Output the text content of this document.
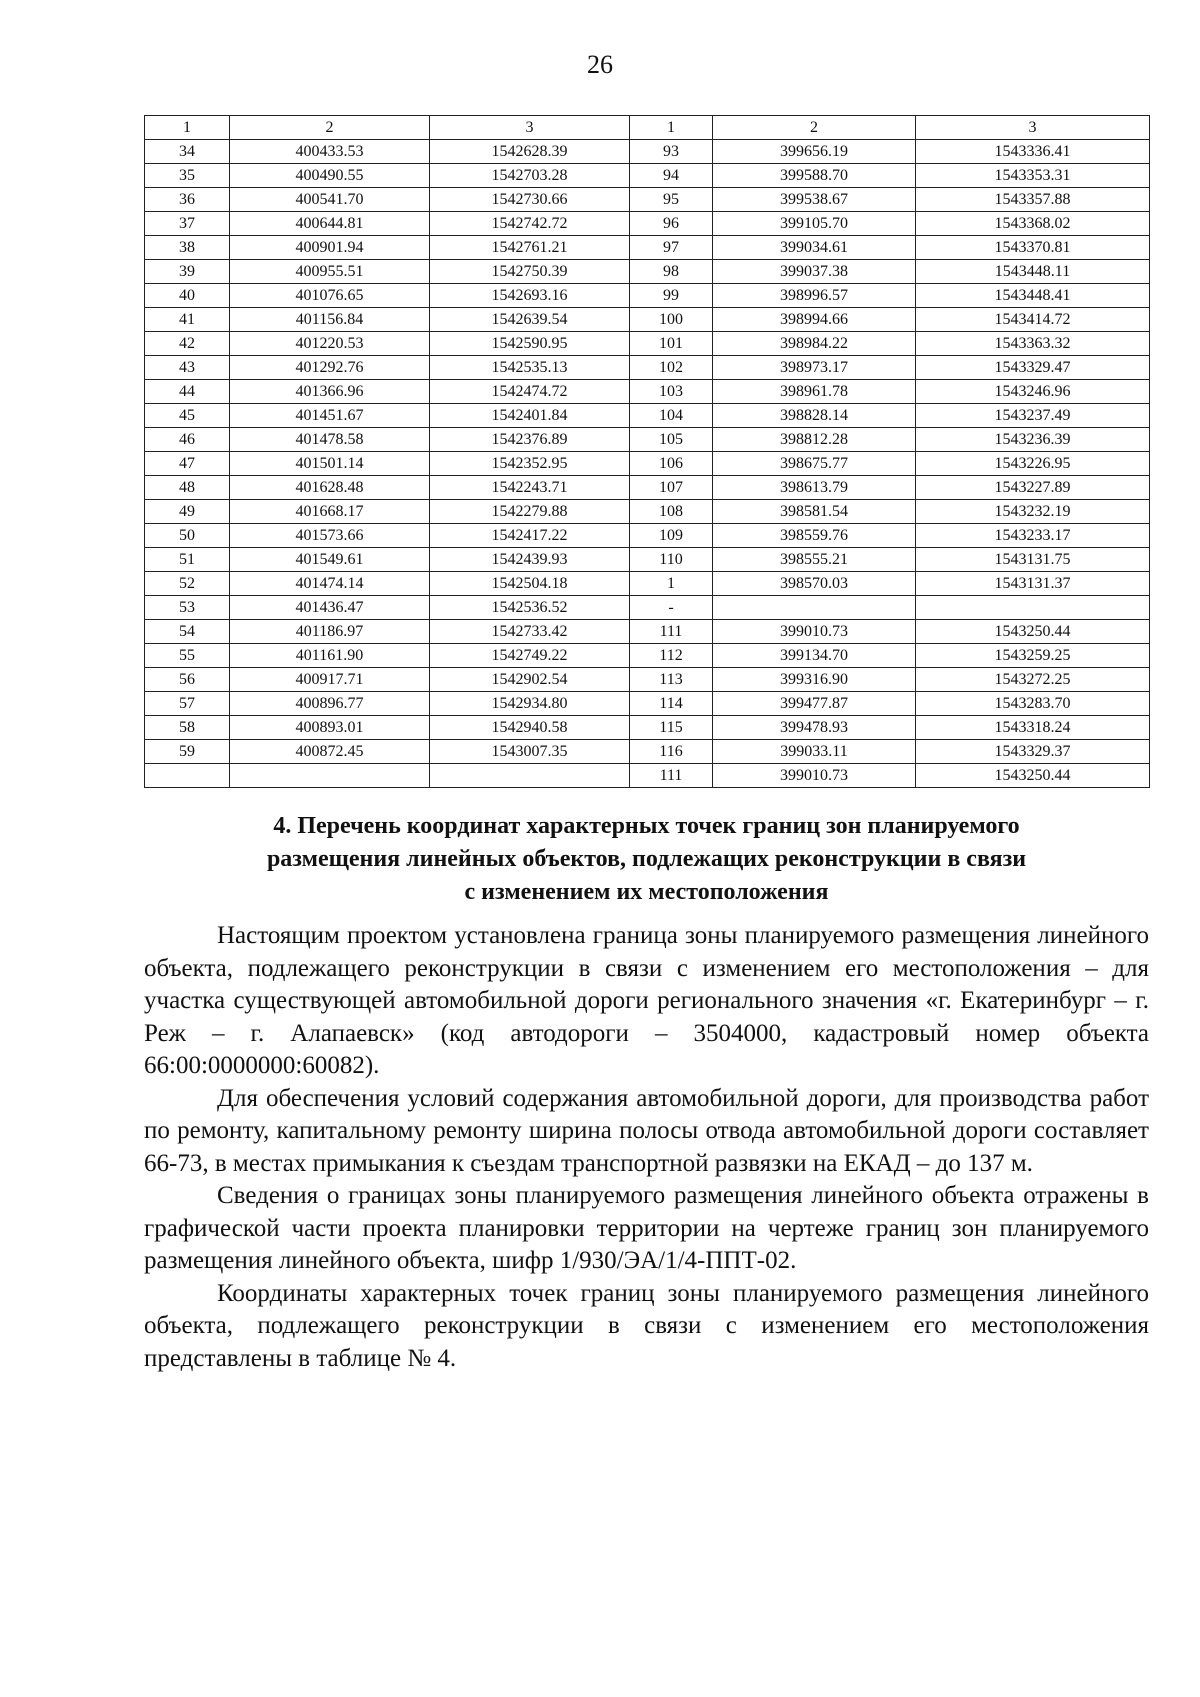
26
1	2	3	1	2	3
34	400433.53	1542628.39	93	399656.19	1543336.41
35	400490.55	1542703.28	94	399588.70	1543353.31
36	400541.70	1542730.66	95	399538.67	1543357.88
37	400644.81	1542742.72	96	399105.70	1543368.02
38	400901.94	1542761.21	97	399034.61	1543370.81
39	400955.51	1542750.39	98	399037.38	1543448.11
40	401076.65	1542693.16	99	398996.57	1543448.41
41	401156.84	1542639.54	100	398994.66	1543414.72
42	401220.53	1542590.95	101	398984.22	1543363.32
43	401292.76	1542535.13	102	398973.17	1543329.47
44	401366.96	1542474.72	103	398961.78	1543246.96
45	401451.67	1542401.84	104	398828.14	1543237.49
46	401478.58	1542376.89	105	398812.28	1543236.39
47	401501.14	1542352.95	106	398675.77	1543226.95
48	401628.48	1542243.71	107	398613.79	1543227.89
49	401668.17	1542279.88	108	398581.54	1543232.19
50	401573.66	1542417.22	109	398559.76	1543233.17
51	401549.61	1542439.93	110	398555.21	1543131.75
52	401474.14	1542504.18	1	398570.03	1543131.37
53	401436.47	1542536.52	-		
54	401186.97	1542733.42	111	399010.73	1543250.44
55	401161.90	1542749.22	112	399134.70	1543259.25
56	400917.71	1542902.54	113	399316.90	1543272.25
57	400896.77	1542934.80	114	399477.87	1543283.70
58	400893.01	1542940.58	115	399478.93	1543318.24
59	400872.45	1543007.35	116	399033.11	1543329.37
			111	399010.73	1543250.44
4. Перечень координат характерных точек границ зон планируемого
размещения линейных объектов, подлежащих реконструкции в связи
с изменением их местоположения

Настоящим проектом установлена граница зоны планируемого размещения линейного объекта, подлежащего реконструкции в связи с изменением его местоположения – для участка существующей автомобильной дороги регионального значения «г. Екатеринбург – г. Реж – г. Алапаевск» (код автодороги – 3504000, кадастровый номер объекта 66:00:0000000:60082).

Для обеспечения условий содержания автомобильной дороги, для производства работ по ремонту, капитальному ремонту ширина полосы отвода автомобильной дороги составляет 66-73, в местах примыкания к съездам транспортной развязки на ЕКАД – до 137 м.

Сведения о границах зоны планируемого размещения линейного объекта отражены в графической части проекта планировки территории на чертеже границ зон планируемого размещения линейного объекта, шифр 1/930/ЭА/1/4-ППТ-02.

Координаты характерных точек границ зоны планируемого размещения линейного объекта, подлежащего реконструкции в связи с изменением его местоположения представлены в таблице № 4.
